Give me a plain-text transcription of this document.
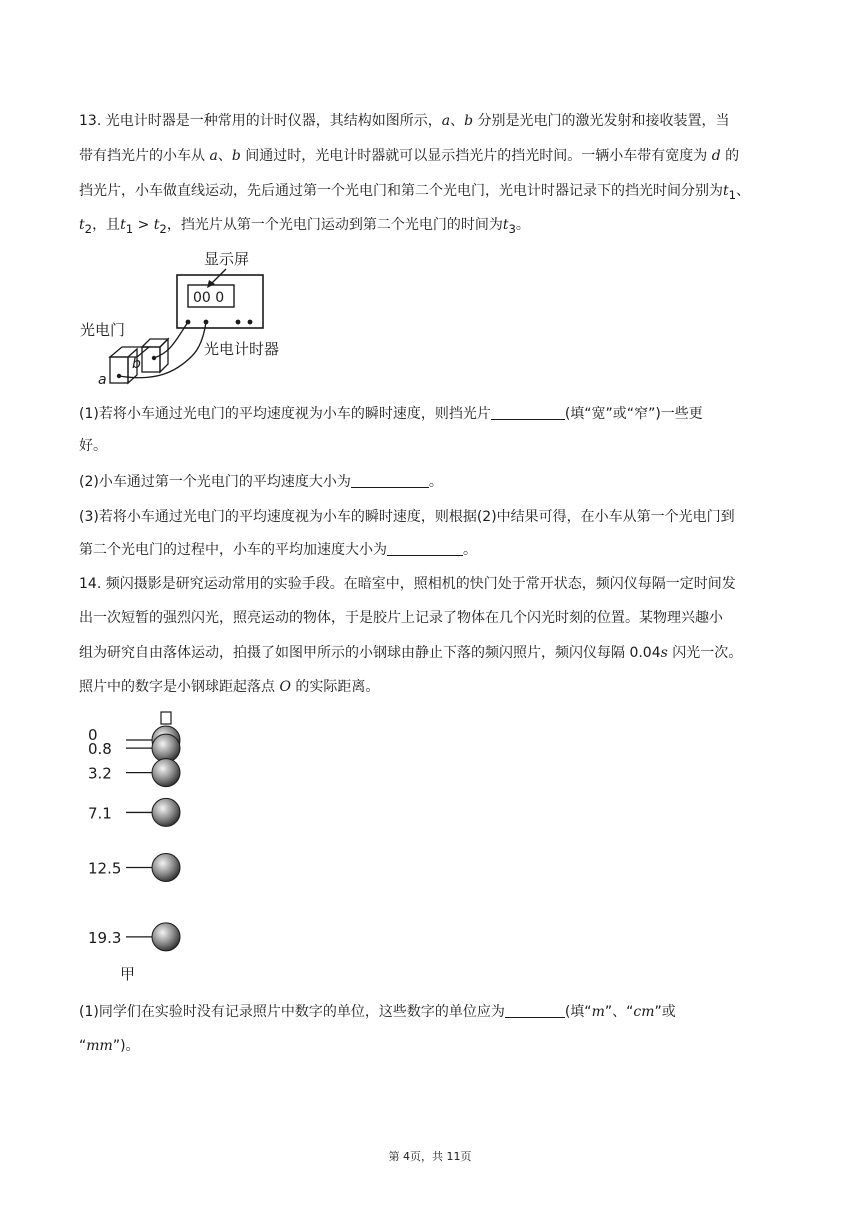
13. 光电计时器是一种常用的计时仪器，其结构如图所示，a、b 分别是光电门的激光发射和接收装置，当

带有挡光片的小车从 a、b 间通过时，光电计时器就可以显示挡光片的挡光时间。一辆小车带有宽度为 d 的

挡光片，小车做直线运动，先后通过第一个光电门和第二个光电门，光电计时器记录下的挡光时间分别为$t_1$、

$t_2$，且$t_1 > t_2$，挡光片从第一个光电门运动到第二个光电门的时间为$t_3$。

显示屏
00 0
光电门
光电计时器
a
b

(1)若将小车通过光电门的平均速度视为小车的瞬时速度，则挡光片	(填“宽”或“窄”)一些更

好。

(2)小车通过第一个光电门的平均速度大小为	。

(3)若将小车通过光电门的平均速度视为小车的瞬时速度，则根据(2)中结果可得，在小车从第一个光电门到

第二个光电门的过程中，小车的平均加速度大小为	。

14. 频闪摄影是研究运动常用的实验手段。在暗室中，照相机的快门处于常开状态，频闪仪每隔一定时间发

出一次短暂的强烈闪光，照亮运动的物体，于是胶片上记录了物体在几个闪光时刻的位置。某物理兴趣小

组为研究自由落体运动，拍摄了如图甲所示的小钢球由静止下落的频闪照片，频闪仪每隔 0.04s 闪光一次。

照片中的数字是小钢球距起落点 O 的实际距离。

0
0.8
3.2
7.1
12.5
19.3
甲

(1)同学们在实验时没有记录照片中数字的单位，这些数字的单位应为	(填“m”、“cm”或

“mm”)。

第 4页，共 11页
